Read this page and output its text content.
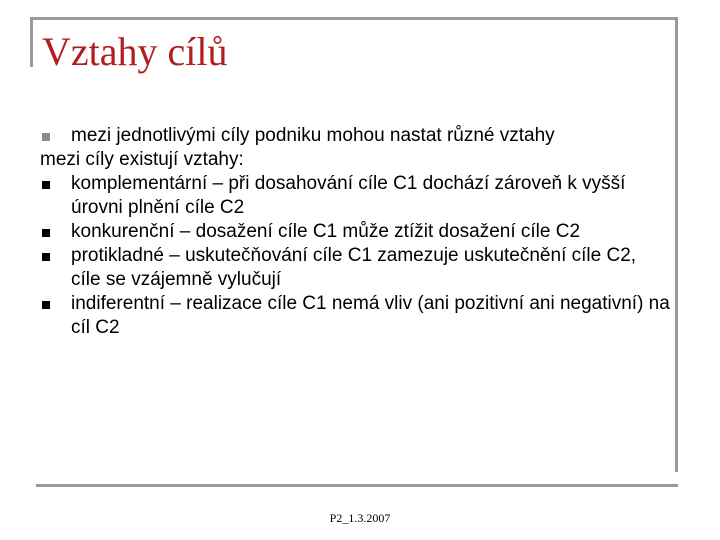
Vztahy cílů
mezi jednotlivými cíly podniku mohou nastat různé vztahy
mezi cíly existují vztahy:
komplementární – při dosahování cíle C1 dochází zároveň k vyšší úrovni plnění cíle C2
konkurenční – dosažení cíle C1 může ztížit dosažení cíle C2
protikladné – uskutečňování cíle C1 zamezuje uskutečnění cíle C2, cíle se vzájemně vylučují
indiferentní – realizace cíle C1 nemá vliv (ani pozitivní ani negativní) na cíl C2
P2_1.3.2007
